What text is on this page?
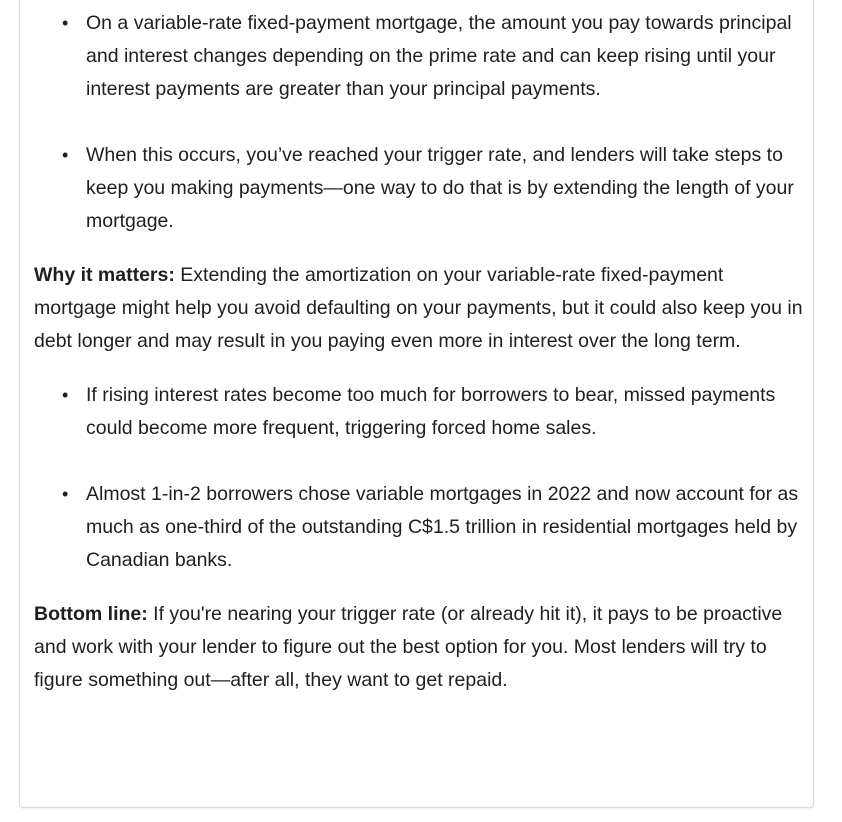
• On a variable-rate fixed-payment mortgage, the amount you pay towards principal and interest changes depending on the prime rate and can keep rising until your interest payments are greater than your principal payments.
• When this occurs, you’ve reached your trigger rate, and lenders will take steps to keep you making payments—one way to do that is by extending the length of your mortgage.

Why it matters: Extending the amortization on your variable-rate fixed-payment mortgage might help you avoid defaulting on your payments, but it could also keep you in debt longer and may result in you paying even more in interest over the long term.

• If rising interest rates become too much for borrowers to bear, missed payments could become more frequent, triggering forced home sales.
• Almost 1-in-2 borrowers chose variable mortgages in 2022 and now account for as much as one-third of the outstanding C$1.5 trillion in residential mortgages held by Canadian banks.

Bottom line: If you're nearing your trigger rate (or already hit it), it pays to be proactive and work with your lender to figure out the best option for you. Most lenders will try to figure something out—after all, they want to get repaid.
